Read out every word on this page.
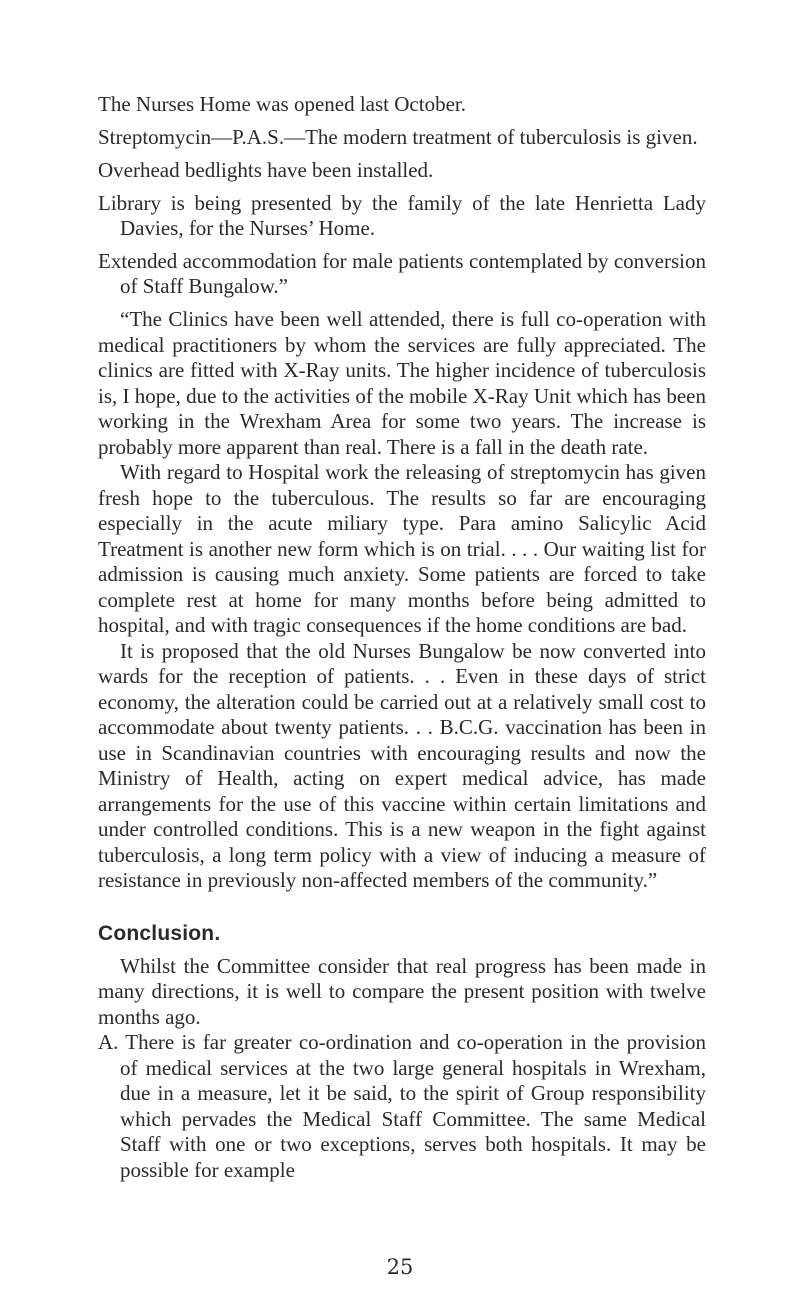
The Nurses Home was opened last October.

Streptomycin—P.A.S.—The modern treatment of tuberculosis is given.

Overhead bedlights have been installed.

Library is being presented by the family of the late Henrietta Lady Davies, for the Nurses’ Home.

Extended accommodation for male patients contemplated by conversion of Staff Bungalow.”

“The Clinics have been well attended, there is full co-operation with medical practitioners by whom the services are fully appreciated. The clinics are fitted with X-Ray units. The higher incidence of tuberculosis is, I hope, due to the activities of the mobile X-Ray Unit which has been working in the Wrexham Area for some two years. The increase is probably more apparent than real. There is a fall in the death rate.

With regard to Hospital work the releasing of streptomycin has given fresh hope to the tuberculous. The results so far are encouraging especially in the acute miliary type. Para amino Salicylic Acid Treatment is another new form which is on trial. . . . Our waiting list for admission is causing much anxiety. Some patients are forced to take complete rest at home for many months before being admitted to hospital, and with tragic consequences if the home conditions are bad.

It is proposed that the old Nurses Bungalow be now converted into wards for the reception of patients. . . Even in these days of strict economy, the alteration could be carried out at a relatively small cost to accommodate about twenty patients. . . B.C.G. vaccination has been in use in Scandinavian countries with encouraging results and now the Ministry of Health, acting on expert medical advice, has made arrangements for the use of this vaccine within certain limitations and under controlled conditions. This is a new weapon in the fight against tuberculosis, a long term policy with a view of inducing a measure of resistance in previously non-affected members of the community.”

Conclusion.

Whilst the Committee consider that real progress has been made in many directions, it is well to compare the present position with twelve months ago.

A. There is far greater co-ordination and co-operation in the provision of medical services at the two large general hospitals in Wrexham, due in a measure, let it be said, to the spirit of Group responsibility which pervades the Medical Staff Committee. The same Medical Staff with one or two exceptions, serves both hospitals. It may be possible for example

25
